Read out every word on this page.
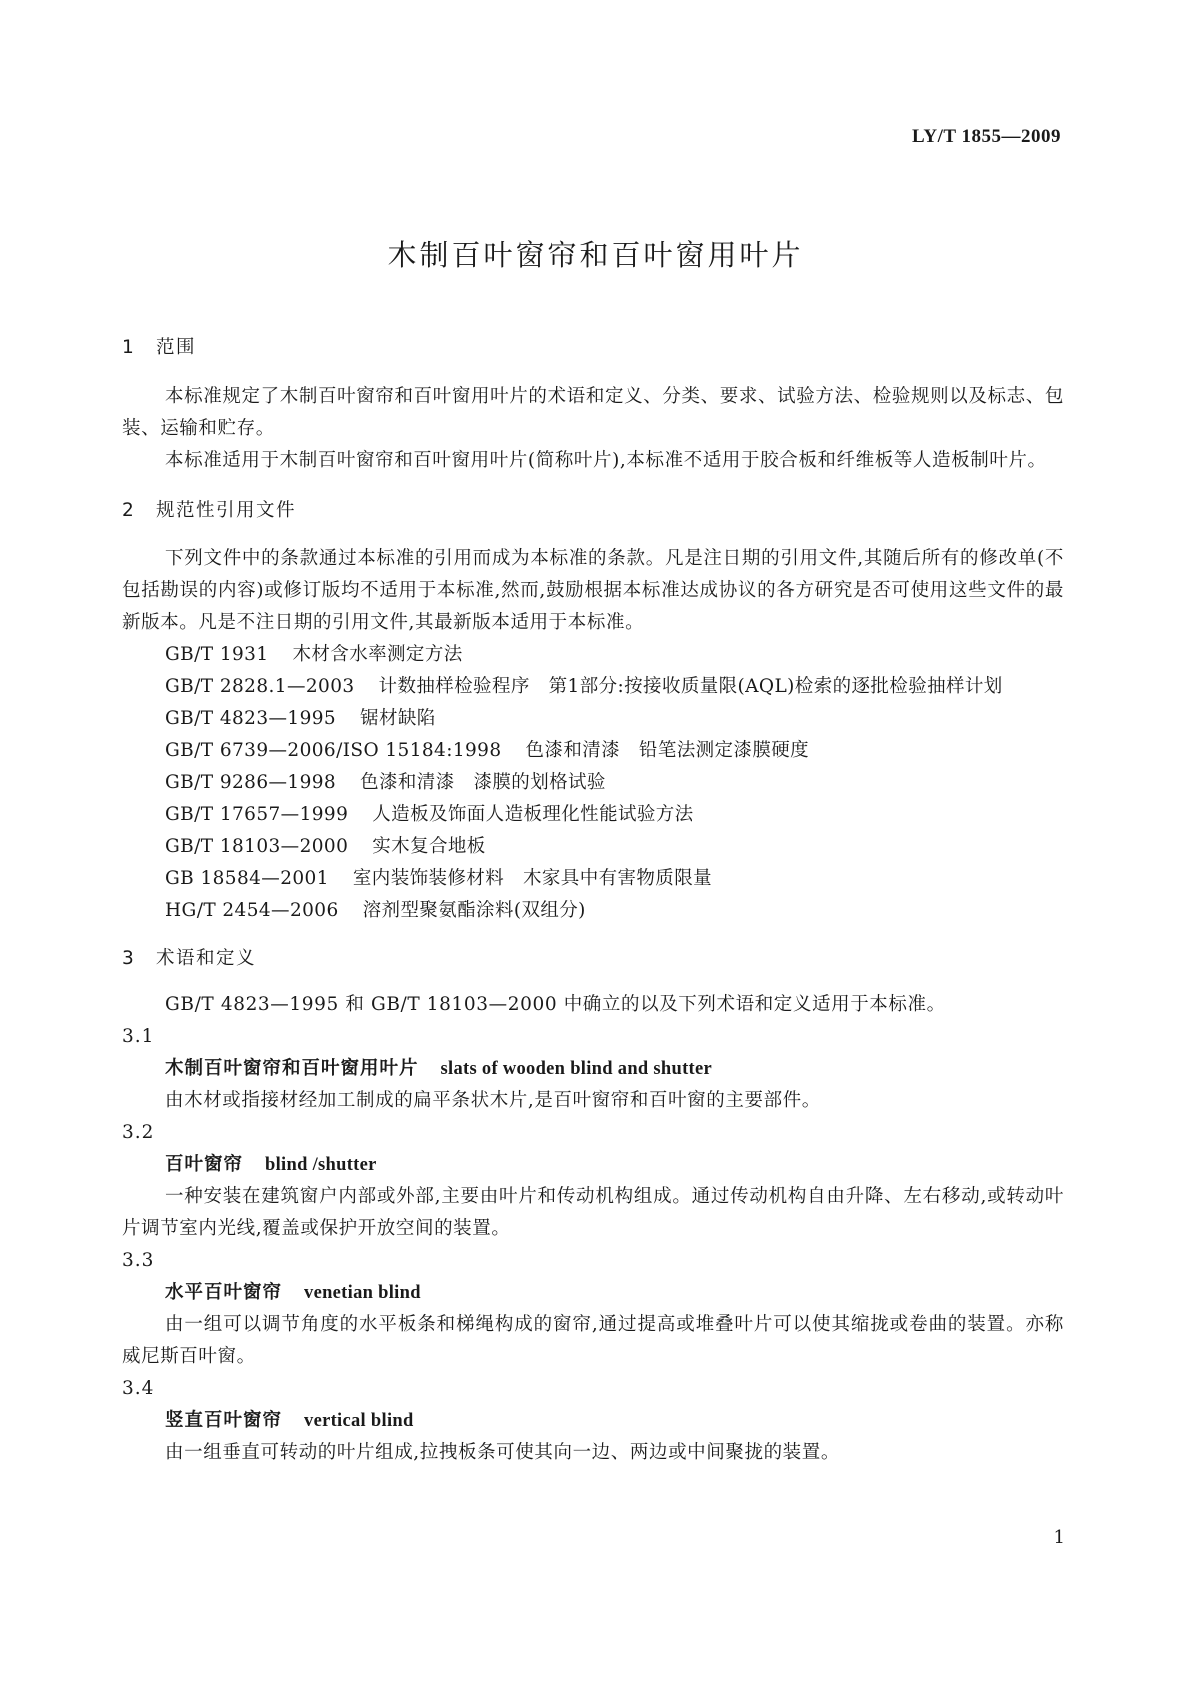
LY/T 1855—2009
木制百叶窗帘和百叶窗用叶片
1 范围

本标准规定了木制百叶窗帘和百叶窗用叶片的术语和定义、分类、要求、试验方法、检验规则以及标志、包装、运输和贮存。

本标准适用于木制百叶窗帘和百叶窗用叶片(简称叶片),本标准不适用于胶合板和纤维板等人造板制叶片。

2 规范性引用文件

下列文件中的条款通过本标准的引用而成为本标准的条款。凡是注日期的引用文件,其随后所有的修改单(不包括勘误的内容)或修订版均不适用于本标准,然而,鼓励根据本标准达成协议的各方研究是否可使用这些文件的最新版本。凡是不注日期的引用文件,其最新版本适用于本标准。

GB/T 1931 木材含水率测定方法

GB/T 2828.1—2003 计数抽样检验程序　第1部分:按接收质量限(AQL)检索的逐批检验抽样计划

GB/T 4823—1995 锯材缺陷

GB/T 6739—2006/ISO 15184:1998 色漆和清漆　铅笔法测定漆膜硬度

GB/T 9286—1998 色漆和清漆　漆膜的划格试验

GB/T 17657—1999 人造板及饰面人造板理化性能试验方法

GB/T 18103—2000 实木复合地板

GB 18584—2001 室内装饰装修材料　木家具中有害物质限量

HG/T 2454—2006 溶剂型聚氨酯涂料(双组分)

3 术语和定义

GB/T 4823—1995 和 GB/T 18103—2000 中确立的以及下列术语和定义适用于本标准。

3.1

木制百叶窗帘和百叶窗用叶片 slats of wooden blind and shutter

由木材或指接材经加工制成的扁平条状木片,是百叶窗帘和百叶窗的主要部件。

3.2

百叶窗帘 blind /shutter

一种安装在建筑窗户内部或外部,主要由叶片和传动机构组成。通过传动机构自由升降、左右移动,或转动叶片调节室内光线,覆盖或保护开放空间的装置。

3.3

水平百叶窗帘 venetian blind

由一组可以调节角度的水平板条和梯绳构成的窗帘,通过提高或堆叠叶片可以使其缩拢或卷曲的装置。亦称威尼斯百叶窗。

3.4

竖直百叶窗帘 vertical blind

由一组垂直可转动的叶片组成,拉拽板条可使其向一边、两边或中间聚拢的装置。

1
